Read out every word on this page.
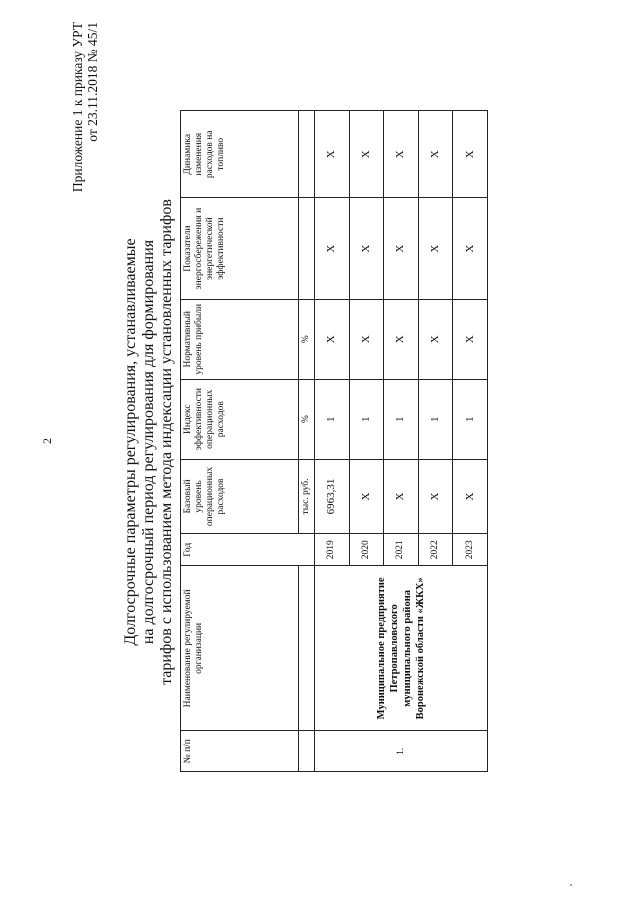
2
Приложение 1 к приказу УРТ от 23.11.2018 № 45/1
Долгосрочные параметры регулирования, устанавливаемые на долгосрочный период регулирования для формирования тарифов с использованием метода индексации установленных тарифов
№ п/п	Наименование регулируемой организации	Год	Базовый уровень операционных расходов	Индекс эффективности операционных расходов	Нормативный уровень прибыли	Показатели энергосбережения и энергетической эффективности	Динамика изменения расходов на топливо
			тыс. руб.	%	%		
1.	Муниципальное предприятие Петропавловского муниципального района Воронежской области «ЖКХ»	2019	6963,31	1	X	X	X
		2020	X	1	X	X	X
		2021	X	1	X	X	X
		2022	X	1	X	X	X
		2023	X	1	X	X	X
